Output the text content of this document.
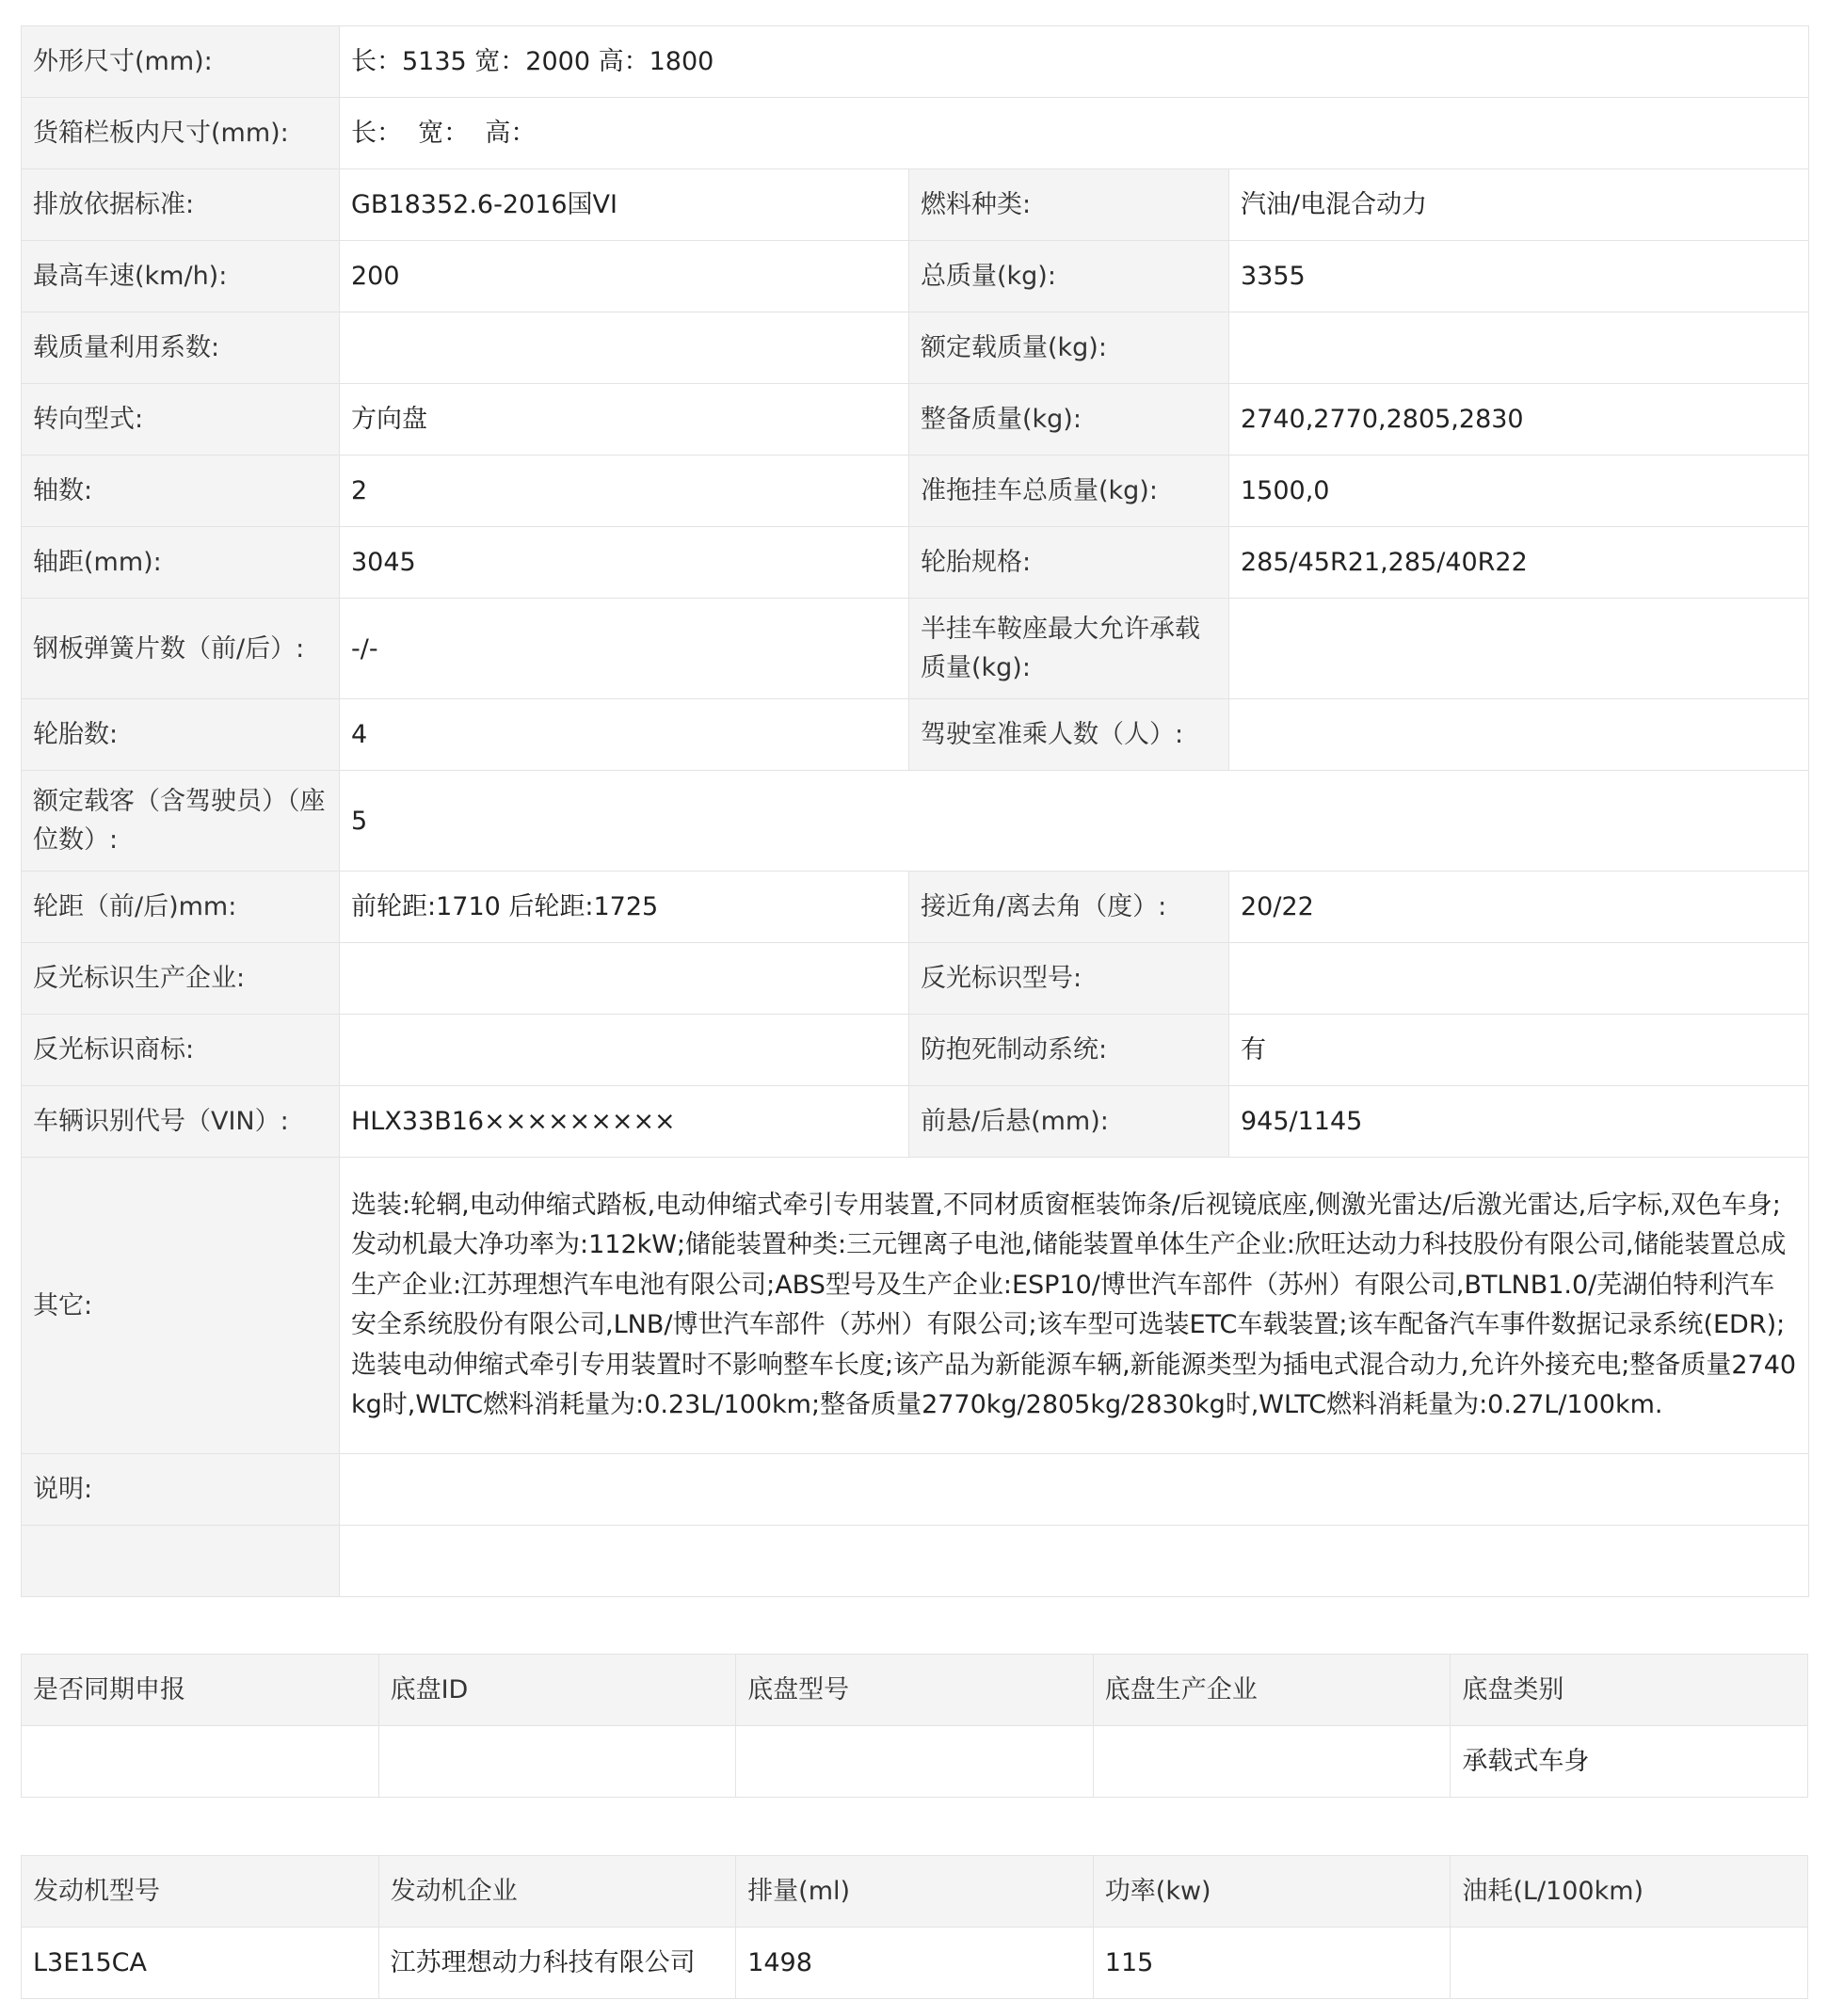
外形尺寸(mm):	长：5135 宽：2000 高：1800		
货箱栏板内尺寸(mm):	长：  宽：  高：		
排放依据标准:	GB18352.6-2016国VI	燃料种类:	汽油/电混合动力
最高车速(km/h):	200	总质量(kg):	3355
载质量利用系数:		额定载质量(kg):	
转向型式:	方向盘	整备质量(kg):	2740,2770,2805,2830
轴数:	2	准拖挂车总质量(kg):	1500,0
轴距(mm):	3045	轮胎规格:	285/45R21,285/40R22
钢板弹簧片数（前/后）:	-/-	半挂车鞍座最大允许承载质量(kg):	
轮胎数:	4	驾驶室准乘人数（人）:	
额定载客（含驾驶员）（座位数）:	5		
轮距（前/后)mm:	前轮距:1710 后轮距:1725	接近角/离去角（度）:	20/22
反光标识生产企业:		反光标识型号:	
反光标识商标:		防抱死制动系统:	有
车辆识别代号（VIN）:	HLX33B16×××××××××	前悬/后悬(mm):	945/1145
其它:	选装:轮辋,电动伸缩式踏板,电动伸缩式牵引专用装置,不同材质窗框装饰条/后视镜底座,侧激光雷达/后激光雷达,后字标,双色车身;发动机最大净功率为:112kW;储能装置种类:三元锂离子电池,储能装置单体生产企业:欣旺达动力科技股份有限公司,储能装置总成生产企业:江苏理想汽车电池有限公司;ABS型号及生产企业:ESP10/博世汽车部件（苏州）有限公司,BTLNB1.0/芜湖伯特利汽车安全系统股份有限公司,LNB/博世汽车部件（苏州）有限公司;该车型可选装ETC车载装置;该车配备汽车事件数据记录系统(EDR);选装电动伸缩式牵引专用装置时不影响整车长度;该产品为新能源车辆,新能源类型为插电式混合动力,允许外接充电;整备质量2740kg时,WLTC燃料消耗量为:0.23L/100km;整备质量2770kg/2805kg/2830kg时,WLTC燃料消耗量为:0.27L/100km.		
说明:			

是否同期申报	底盘ID	底盘型号	底盘生产企业	底盘类别
				承载式车身
发动机型号	发动机企业	排量(ml)	功率(kw)	油耗(L/100km)
L3E15CA	江苏理想动力科技有限公司	1498	115	
